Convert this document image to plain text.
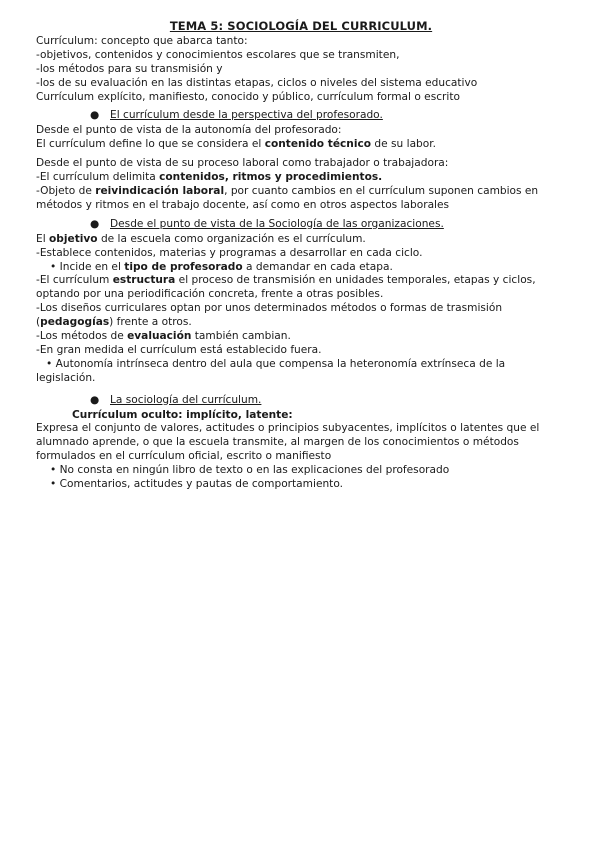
TEMA 5: SOCIOLOGÍA DEL CURRICULUM.

Currículum: concepto que abarca tanto:

-objetivos, contenidos y conocimientos escolares que se transmiten,

-los métodos para su transmisión y

-los de su evaluación en las distintas etapas, ciclos o niveles del sistema educativo

Currículum explícito, manifiesto, conocido y público, currículum formal o escrito

● El currículum desde la perspectiva del profesorado.

Desde el punto de vista de la autonomía del profesorado:

El currículum define lo que se considera el contenido técnico de su labor.

Desde el punto de vista de su proceso laboral como trabajador o trabajadora:

-El currículum delimita contenidos, ritmos y procedimientos.

-Objeto de reivindicación laboral, por cuanto cambios en el currículum suponen cambios en métodos y ritmos en el trabajo docente, así como en otros aspectos laborales

● Desde el punto de vista de la Sociología de las organizaciones.

El objetivo de la escuela como organización es el currículum.

-Establece contenidos, materias y programas a desarrollar en cada ciclo.

• Incide en el tipo de profesorado a demandar en cada etapa.

-El currículum estructura el proceso de transmisión en unidades temporales, etapas y ciclos, optando por una periodificación concreta, frente a otras posibles.

-Los diseños curriculares optan por unos determinados métodos o formas de trasmisión (pedagogías) frente a otros.

-Los métodos de evaluación también cambian.

-En gran medida el currículum está establecido fuera.

• Autonomía intrínseca dentro del aula que compensa la heteronomía extrínseca de la legislación.

● La sociología del currículum.

Currículum oculto: implícito, latente:

Expresa el conjunto de valores, actitudes o principios subyacentes, implícitos o latentes que el alumnado aprende, o que la escuela transmite, al margen de los conocimientos o métodos formulados en el currículum oficial, escrito o manifiesto

• No consta en ningún libro de texto o en las explicaciones del profesorado

• Comentarios, actitudes y pautas de comportamiento.
